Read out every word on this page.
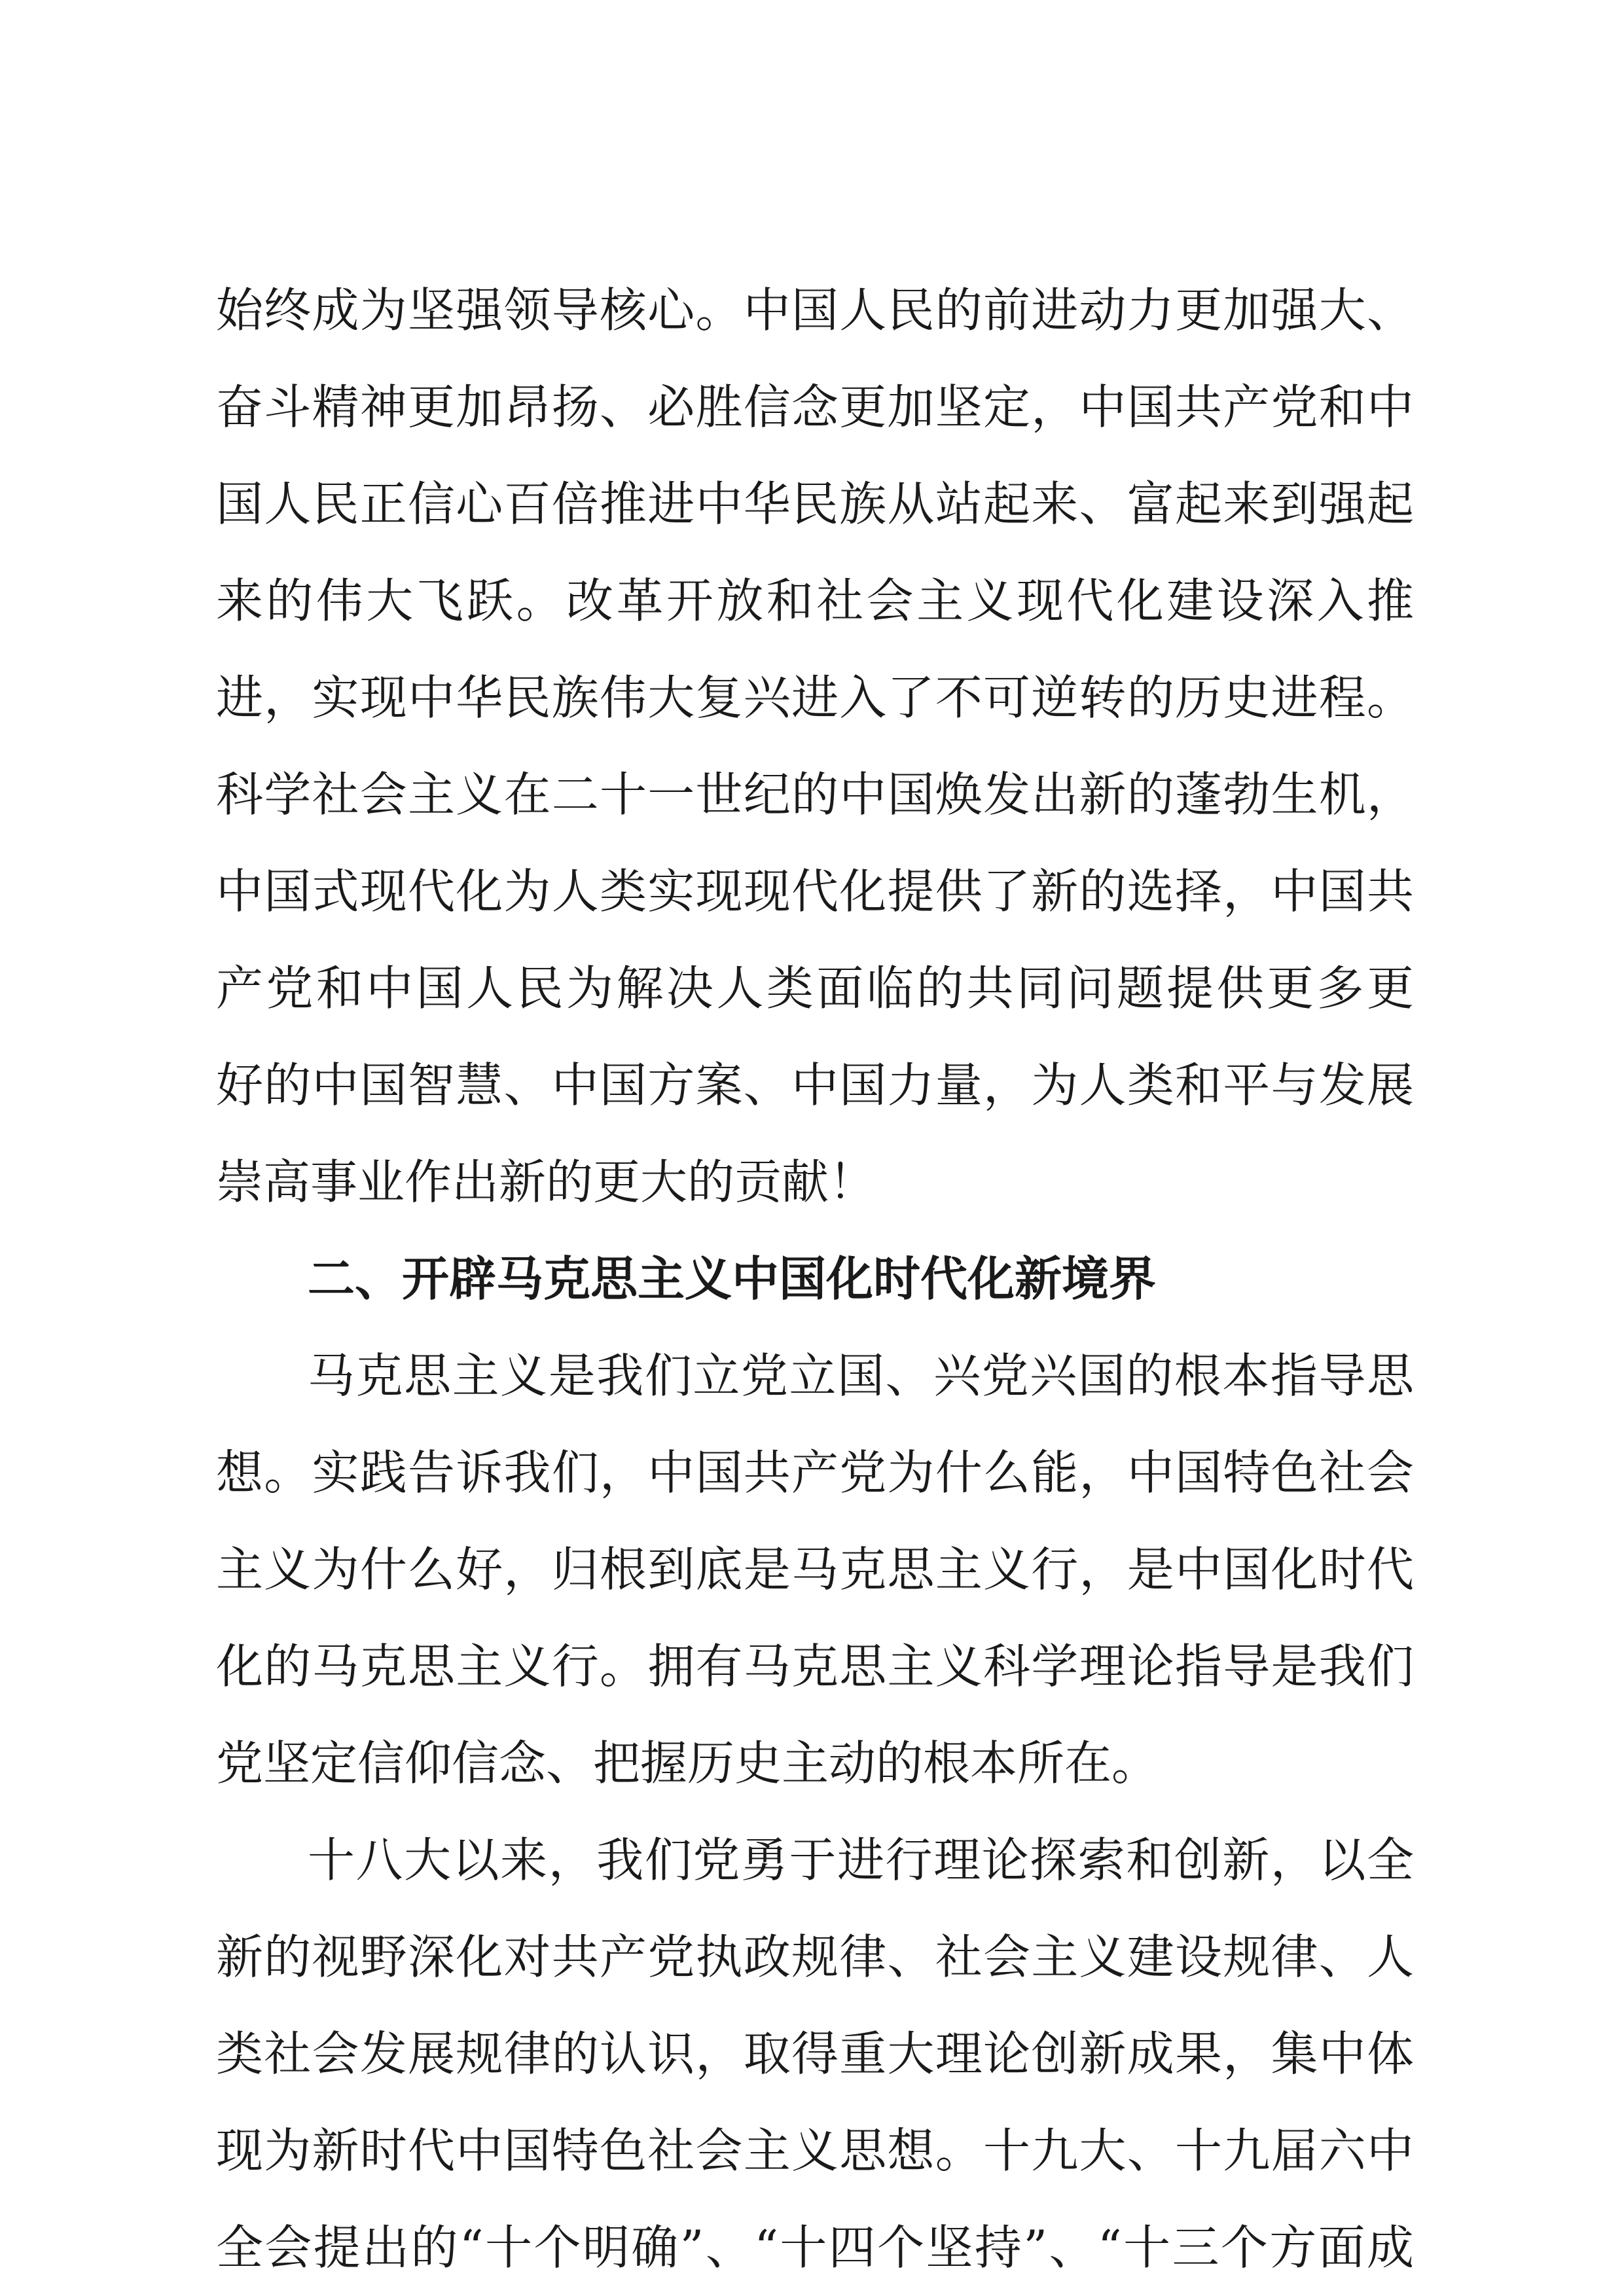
始终成为坚强领导核心。中国人民的前进动力更加强大、
奋斗精神更加昂扬、必胜信念更加坚定，中国共产党和中
国人民正信心百倍推进中华民族从站起来、富起来到强起
来的伟大飞跃。改革开放和社会主义现代化建设深入推
进，实现中华民族伟大复兴进入了不可逆转的历史进程。
科学社会主义在二十一世纪的中国焕发出新的蓬勃生机，
中国式现代化为人类实现现代化提供了新的选择，中国共
产党和中国人民为解决人类面临的共同问题提供更多更
好的中国智慧、中国方案、中国力量，为人类和平与发展
崇高事业作出新的更大的贡献！
二、开辟马克思主义中国化时代化新境界
马克思主义是我们立党立国、兴党兴国的根本指导思
想。实践告诉我们，中国共产党为什么能，中国特色社会
主义为什么好，归根到底是马克思主义行，是中国化时代
化的马克思主义行。拥有马克思主义科学理论指导是我们
党坚定信仰信念、把握历史主动的根本所在。
十八大以来，我们党勇于进行理论探索和创新，以全
新的视野深化对共产党执政规律、社会主义建设规律、人
类社会发展规律的认识，取得重大理论创新成果，集中体
现为新时代中国特色社会主义思想。十九大、十九届六中
全会提出的“十个明确”、“十四个坚持”、“十三个方面成
